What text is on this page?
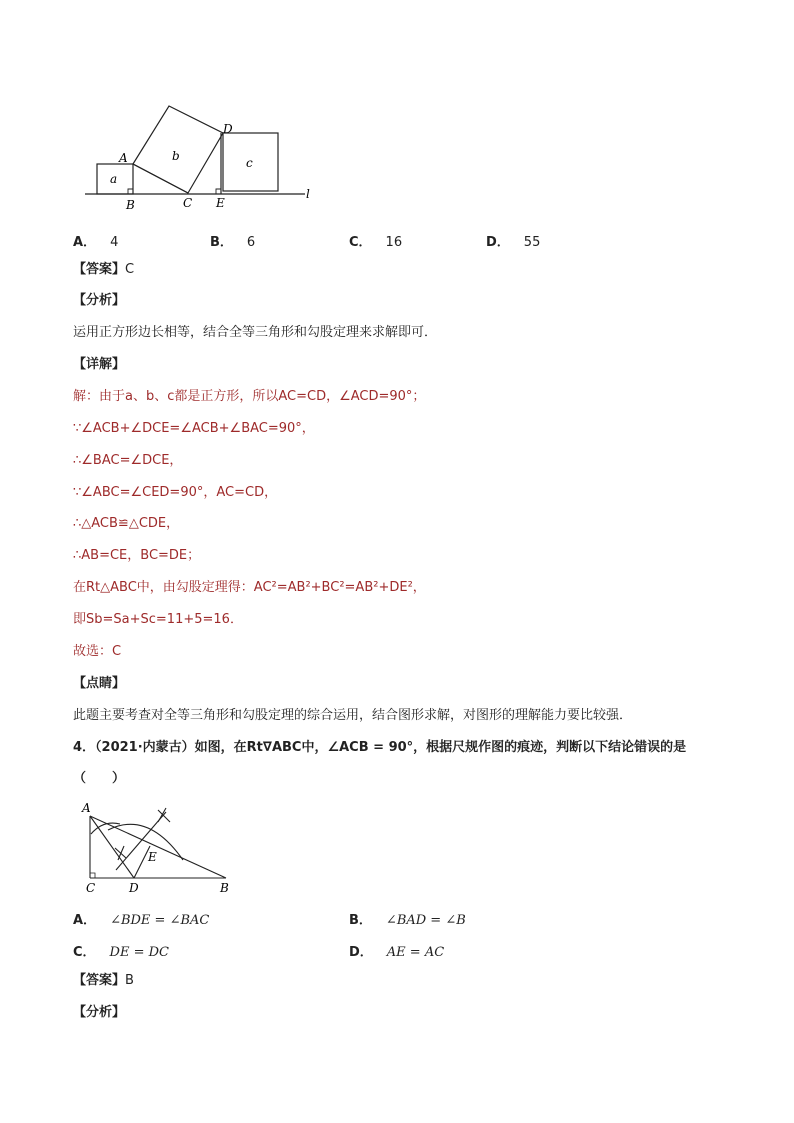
a
b	c
A
B	C
D
E
l
A． 4	B． 6	C． 16	D． 55
【答案】C
【分析】
运用正方形边长相等，结合全等三角形和勾股定理来求解即可．
【详解】
解：由于a、b、c都是正方形，所以AC=CD，∠ACD=90°；
∵∠ACB+∠DCE=∠ACB+∠BAC=90°，
∴∠BAC=∠DCE，
∵∠ABC=∠CED=90°，AC=CD，
∴△ACB≌△CDE，
∴AB=CE，BC=DE；
在Rt△ABC中，由勾股定理得：AC²=AB²+BC²=AB²+DE²，
即Sb=Sa+Sc=11+5=16．
故选：C
【点睛】
此题主要考查对全等三角形和勾股定理的综合运用，结合图形求解，对图形的理解能力要比较强．
4．（2021·内蒙古）如图，在Rt∇ABC中，∠ACB = 90°，根据尺规作图的痕迹，判断以下结论错误的是
（　　）
A
C	D
E
B
A． ∠BDE = ∠BAC	B． ∠BAD = ∠B
C． DE = DC	D． AE = AC
【答案】B
【分析】
